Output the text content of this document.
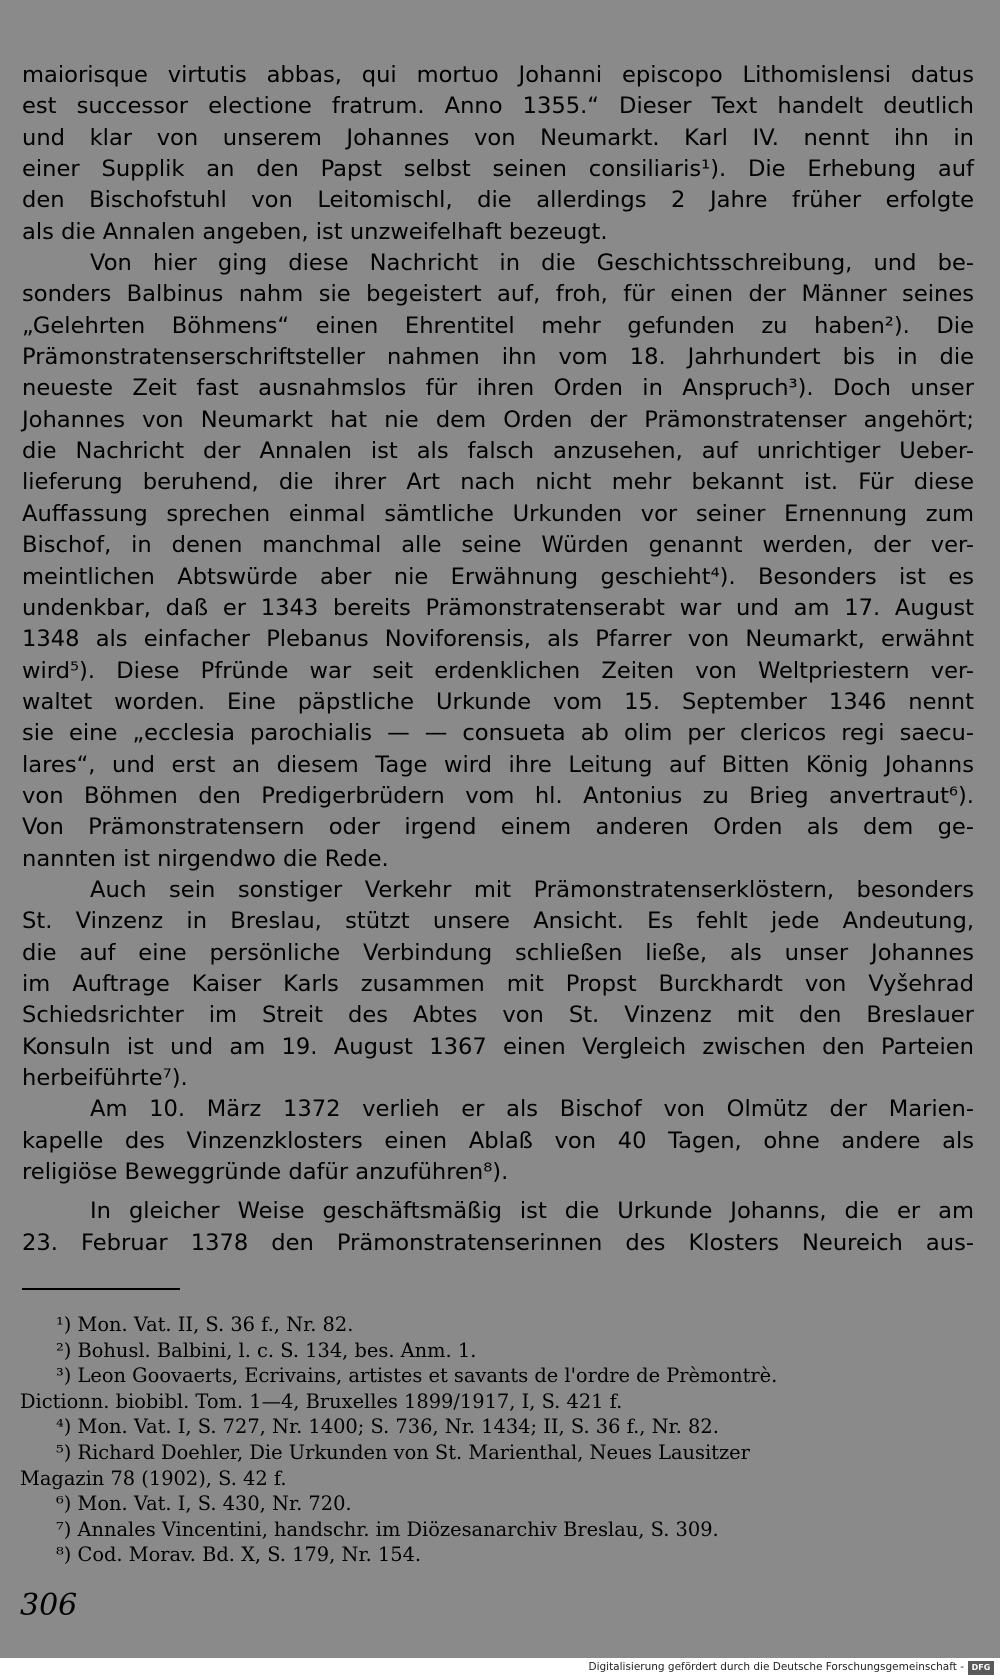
maiorisque virtutis abbas, qui mortuo Johanni episcopo Lithomislensi datus
est successor electione fratrum. Anno 1355.“ Dieser Text handelt deutlich
und klar von unserem Johannes von Neumarkt. Karl IV. nennt ihn in
einer Supplik an den Papst selbst seinen consiliaris¹). Die Erhebung auf
den Bischofstuhl von Leitomischl, die allerdings 2 Jahre früher erfolgte
als die Annalen angeben, ist unzweifelhaft bezeugt.
Von hier ging diese Nachricht in die Geschichtsschreibung, und be-
sonders Balbinus nahm sie begeistert auf, froh, für einen der Männer seines
„Gelehrten Böhmens“ einen Ehrentitel mehr gefunden zu haben²). Die
Prämonstratenserschriftsteller nahmen ihn vom 18. Jahrhundert bis in die
neueste Zeit fast ausnahmslos für ihren Orden in Anspruch³). Doch unser
Johannes von Neumarkt hat nie dem Orden der Prämonstratenser angehört;
die Nachricht der Annalen ist als falsch anzusehen, auf unrichtiger Ueber-
lieferung beruhend, die ihrer Art nach nicht mehr bekannt ist. Für diese
Auffassung sprechen einmal sämtliche Urkunden vor seiner Ernennung zum
Bischof, in denen manchmal alle seine Würden genannt werden, der ver-
meintlichen Abtswürde aber nie Erwähnung geschieht⁴). Besonders ist es
undenkbar, daß er 1343 bereits Prämonstratenserabt war und am 17. August
1348 als einfacher Plebanus Noviforensis, als Pfarrer von Neumarkt, erwähnt
wird⁵). Diese Pfründe war seit erdenklichen Zeiten von Weltpriestern ver-
waltet worden. Eine päpstliche Urkunde vom 15. September 1346 nennt
sie eine „ecclesia parochialis — — consueta ab olim per clericos regi saecu-
lares“, und erst an diesem Tage wird ihre Leitung auf Bitten König Johanns
von Böhmen den Predigerbrüdern vom hl. Antonius zu Brieg anvertraut⁶).
Von Prämonstratensern oder irgend einem anderen Orden als dem ge-
nannten ist nirgendwo die Rede.
Auch sein sonstiger Verkehr mit Prämonstratenserklöstern, besonders
St. Vinzenz in Breslau, stützt unsere Ansicht. Es fehlt jede Andeutung,
die auf eine persönliche Verbindung schließen ließe, als unser Johannes
im Auftrage Kaiser Karls zusammen mit Propst Burckhardt von Vyšehrad
Schiedsrichter im Streit des Abtes von St. Vinzenz mit den Breslauer
Konsuln ist und am 19. August 1367 einen Vergleich zwischen den Parteien
herbeiführte⁷).
Am 10. März 1372 verlieh er als Bischof von Olmütz der Marien-
kapelle des Vinzenzklosters einen Ablaß von 40 Tagen, ohne andere als
religiöse Beweggründe dafür anzuführen⁸).
In gleicher Weise geschäftsmäßig ist die Urkunde Johanns, die er am
23. Februar 1378 den Prämonstratenserinnen des Klosters Neureich aus-
¹) Mon. Vat. II, S. 36 f., Nr. 82.
²) Bohusl. Balbini, l. c. S. 134, bes. Anm. 1.
³) Leon Goovaerts, Ecrivains, artistes et savants de l'ordre de Prèmontrè.
Dictionn. biobibl. Tom. 1—4, Bruxelles 1899/1917, I, S. 421 f.
⁴) Mon. Vat. I, S. 727, Nr. 1400; S. 736, Nr. 1434; II, S. 36 f., Nr. 82.
⁵) Richard Doehler, Die Urkunden von St. Marienthal, Neues Lausitzer
Magazin 78 (1902), S. 42 f.
⁶) Mon. Vat. I, S. 430, Nr. 720.
⁷) Annales Vincentini, handschr. im Diözesanarchiv Breslau, S. 309.
⁸) Cod. Morav. Bd. X, S. 179, Nr. 154.
306
Digitalisierung gefördert durch die Deutsche Forschungsgemeinschaft - DFG
